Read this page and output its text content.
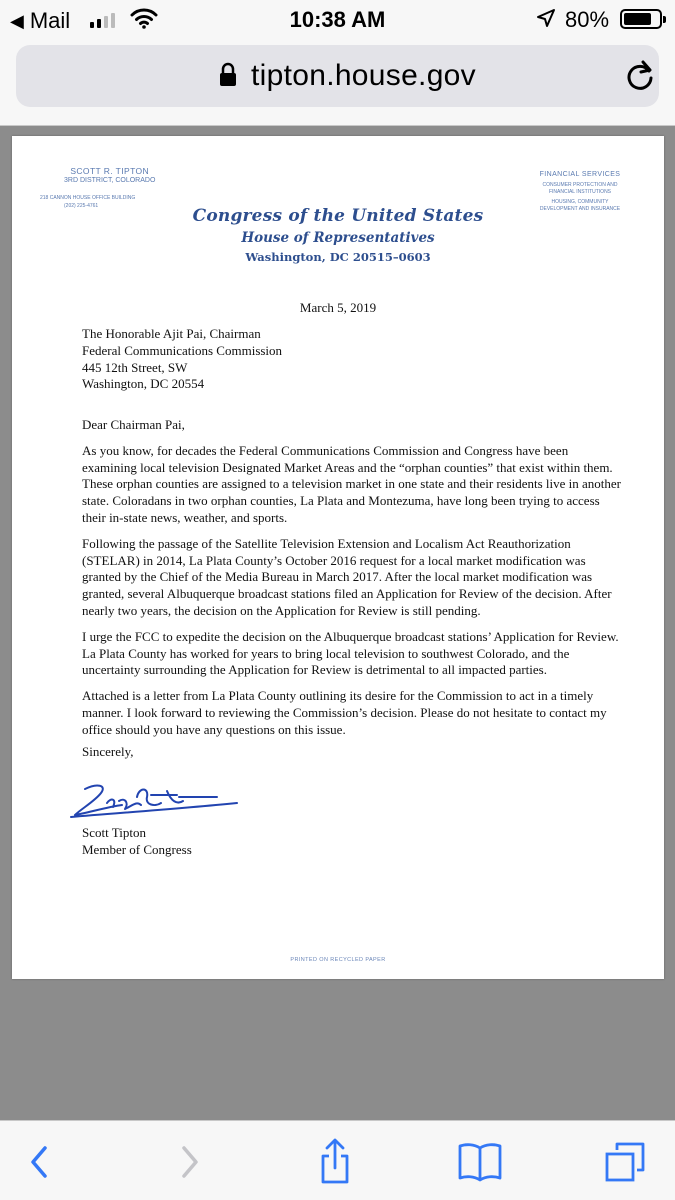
◀ Mail	10:38 AM	80%
tipton.house.gov
SCOTT R. TIPTON
3RD DISTRICT, COLORADO
218 CANNON HOUSE OFFICE BUILDING
(202) 225-4761
FINANCIAL SERVICES
CONSUMER PROTECTION AND
FINANCIAL INSTITUTIONS
HOUSING, COMMUNITY
DEVELOPMENT AND INSURANCE
Congress of the United States
House of Representatives
Washington, DC 20515–0603
March 5, 2019
The Honorable Ajit Pai, Chairman
Federal Communications Commission
445 12th Street, SW
Washington, DC 20554

Dear Chairman Pai,

As you know, for decades the Federal Communications Commission and Congress have been examining local television Designated Market Areas and the “orphan counties” that exist within them. These orphan counties are assigned to a television market in one state and their residents live in another state. Coloradans in two orphan counties, La Plata and Montezuma, have long been trying to access their in-state news, weather, and sports.

Following the passage of the Satellite Television Extension and Localism Act Reauthorization (STELAR) in 2014, La Plata County’s October 2016 request for a local market modification was granted by the Chief of the Media Bureau in March 2017. After the local market modification was granted, several Albuquerque broadcast stations filed an Application for Review of the decision. After nearly two years, the decision on the Application for Review is still pending.

I urge the FCC to expedite the decision on the Albuquerque broadcast stations’ Application for Review. La Plata County has worked for years to bring local television to southwest Colorado, and the uncertainty surrounding the Application for Review is detrimental to all impacted parties.

Attached is a letter from La Plata County outlining its desire for the Commission to act in a timely manner. I look forward to reviewing the Commission’s decision. Please do not hesitate to contact my office should you have any questions on this issue.

Sincerely,
Scott Tipton
Member of Congress
PRINTED ON RECYCLED PAPER
